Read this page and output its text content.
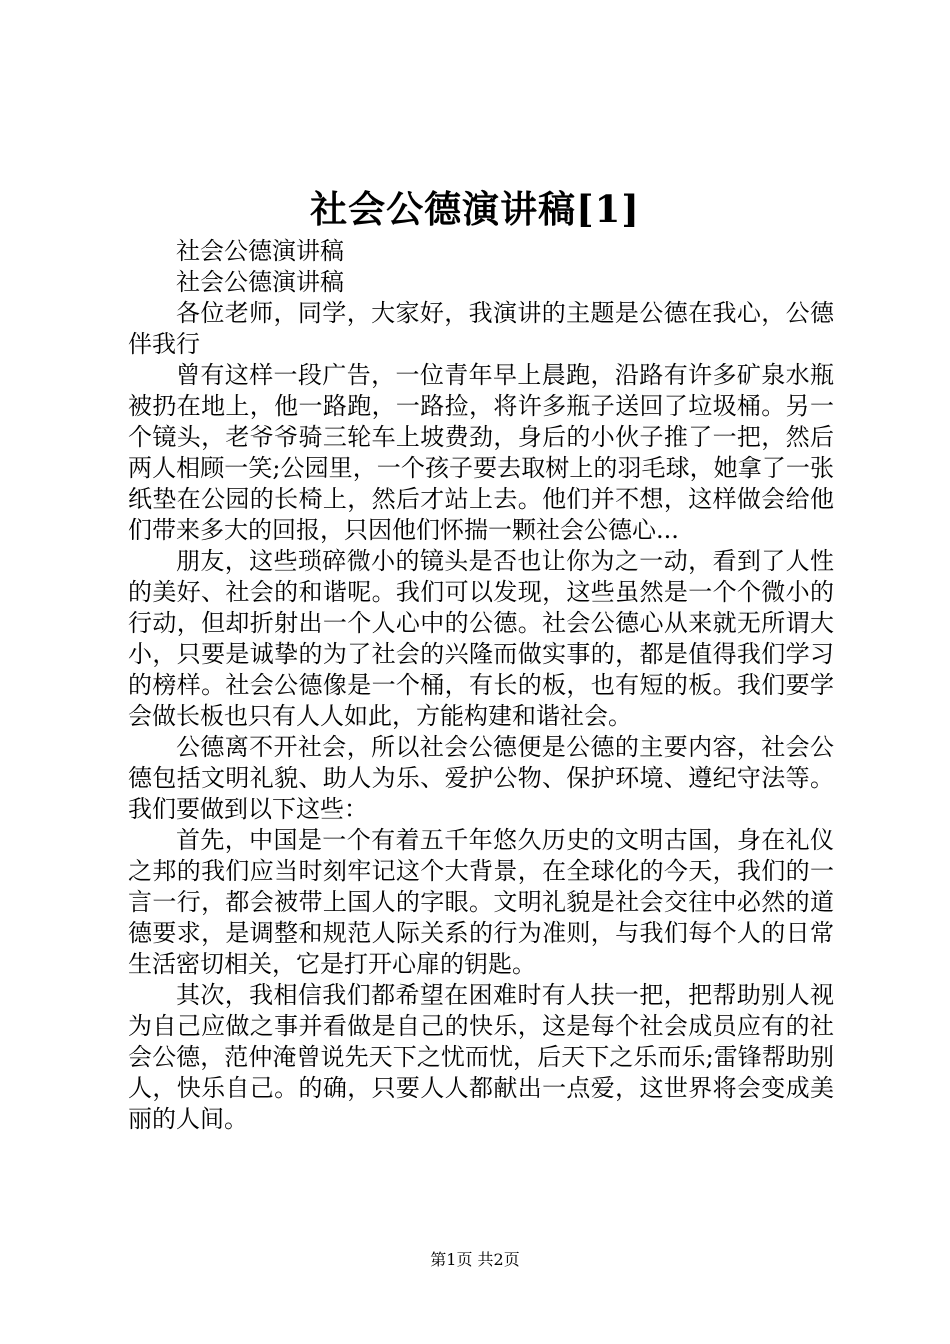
社会公德演讲稿[1]

社会公德演讲稿

社会公德演讲稿

各位老师，同学，大家好，我演讲的主题是公德在我心，公德伴我行

曾有这样一段广告，一位青年早上晨跑，沿路有许多矿泉水瓶被扔在地上，他一路跑，一路捡，将许多瓶子送回了垃圾桶。另一个镜头，老爷爷骑三轮车上坡费劲，身后的小伙子推了一把，然后两人相顾一笑;公园里，一个孩子要去取树上的羽毛球，她拿了一张纸垫在公园的长椅上，然后才站上去。他们并不想，这样做会给他们带来多大的回报，只因他们怀揣一颗社会公德心...

朋友，这些琐碎微小的镜头是否也让你为之一动，看到了人性的美好、社会的和谐呢。我们可以发现，这些虽然是一个个微小的行动，但却折射出一个人心中的公德。社会公德心从来就无所谓大小，只要是诚挚的为了社会的兴隆而做实事的，都是值得我们学习的榜样。社会公德像是一个桶，有长的板，也有短的板。我们要学会做长板也只有人人如此，方能构建和谐社会。

公德离不开社会，所以社会公德便是公德的主要内容，社会公德包括文明礼貌、助人为乐、爱护公物、保护环境、遵纪守法等。我们要做到以下这些：

首先，中国是一个有着五千年悠久历史的文明古国，身在礼仪之邦的我们应当时刻牢记这个大背景，在全球化的今天，我们的一言一行，都会被带上国人的字眼。文明礼貌是社会交往中必然的道德要求，是调整和规范人际关系的行为准则，与我们每个人的日常生活密切相关，它是打开心扉的钥匙。

其次，我相信我们都希望在困难时有人扶一把，把帮助别人视为自己应做之事并看做是自己的快乐，这是每个社会成员应有的社会公德，范仲淹曾说先天下之忧而忧，后天下之乐而乐;雷锋帮助别人，快乐自己。的确，只要人人都献出一点爱，这世界将会变成美丽的人间。

第1页 共2页
